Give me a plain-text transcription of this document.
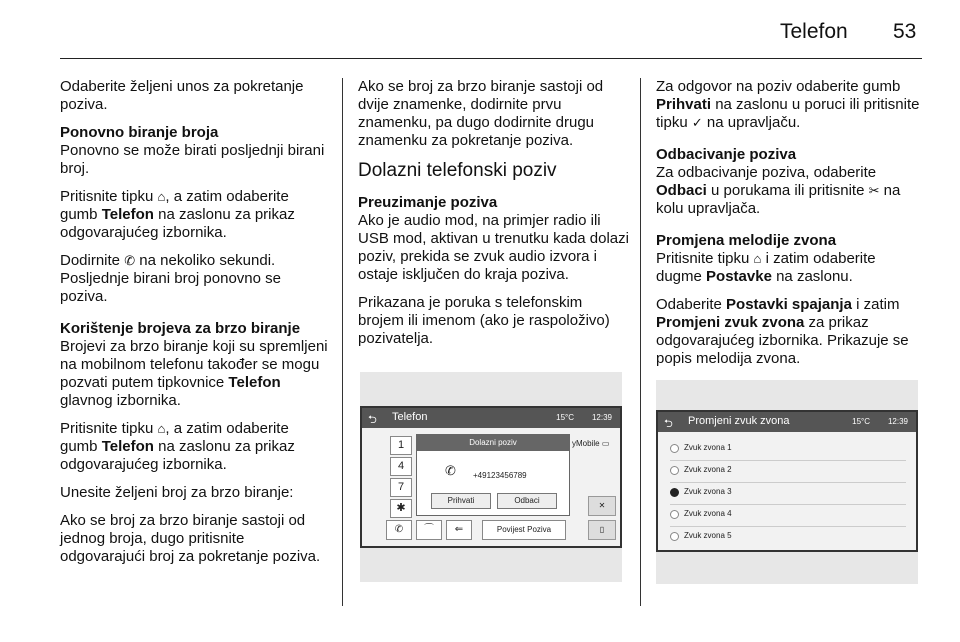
Telefon 53

Odaberite željeni unos za pokretanje poziva.

Ponovno biranje broja

Ponovno se može birati posljednji birani broj.

Pritisnite tipku ⌂, a zatim odaberite gumb Telefon na zaslonu za prikaz odgovarajućeg izbornika.

Dodirnite ✆ na nekoliko sekundi. Posljednje birani broj ponovno se poziva.

Korištenje brojeva za brzo biranje

Brojevi za brzo biranje koji su spremljeni na mobilnom telefonu također se mogu pozvati putem tipkovnice Telefon glavnog izbornika.

Pritisnite tipku ⌂, a zatim odaberite gumb Telefon na zaslonu za prikaz odgovarajućeg izbornika.

Unesite željeni broj za brzo biranje:

Ako se broj za brzo biranje sastoji od jednog broja, dugo pritisnite odgovarajući broj za pokretanje poziva.

Ako se broj za brzo biranje sastoji od dvije znamenke, dodirnite prvu znamenku, pa dugo dodirnite drugu znamenku za pokretanje poziva.

Dolazni telefonski poziv
Preuzimanje poziva

Ako je audio mod, na primjer radio ili USB mod, aktivan u trenutku kada dolazi poziv, prekida se zvuk audio izvora i ostaje isključen do kraja poziva.

Prikazana je poruka s telefonskim brojem ili imenom (ako je raspoloživo) pozivatelja.

Za odgovor na poziv odaberite gumb Prihvati na zaslonu u poruci ili pritisnite tipku ✓ na upravljaču.

Odbacivanje poziva

Za odbacivanje poziva, odaberite Odbaci u porukama ili pritisnite ✂ na kolu upravljača.

Promjena melodije zvona

Pritisnite tipku ⌂ i zatim odaberite dugme Postavke na zaslonu.

Odaberite Postavki spajanja i zatim Promjeni zvuk zvona za prikaz odgovarajućeg izbornika. Prikazuje se popis melodija zvona.

⮌ Telefon	15°C 12:39
1
4
7
✱
Dolazni poziv
✆ +49123456789
Prihvati	Odbaci
yMobile ▭
✕
✆	⌒	⇐	Povijest Poziva	▯
⮌ Promjeni zvuk zvona	15°C 12:39
Zvuk zvona 1
Zvuk zvona 2
Zvuk zvona 3
Zvuk zvona 4
Zvuk zvona 5
